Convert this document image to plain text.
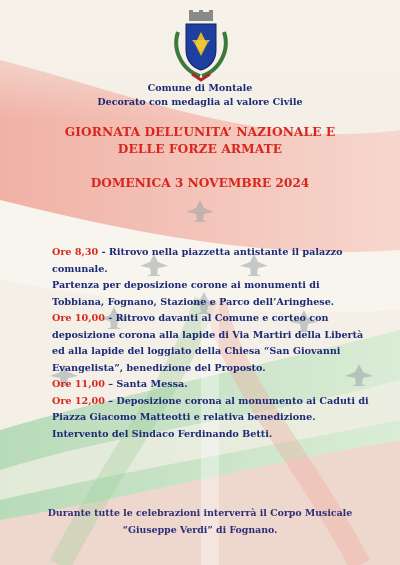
Comune di Montale
Decorato con medaglia al valore Civile
GIORNATA DELL’UNITA’ NAZIONALE E
DELLE FORZE ARMATE
DOMENICA 3 NOVEMBRE 2024
Ore 8,30 - Ritrovo nella piazzetta antistante il palazzo comunale.
Partenza per deposizione corone ai monumenti di Tobbiana, Fognano, Stazione e Parco dell’Aringhese.
Ore 10,00 - Ritrovo davanti al Comune e corteo con deposizione corona alla lapide di Via Martiri della Libertà ed alla lapide del loggiato della Chiesa “San Giovanni Evangelista”, benedizione del Proposto.
Ore 11,00 – Santa Messa.
Ore 12,00 – Deposizione corona al monumento ai Caduti di Piazza Giacomo Matteotti e relativa benedizione.
Intervento del Sindaco Ferdinando Betti.
Durante tutte le celebrazioni interverrà il Corpo Musicale
“Giuseppe Verdi” di Fognano.
